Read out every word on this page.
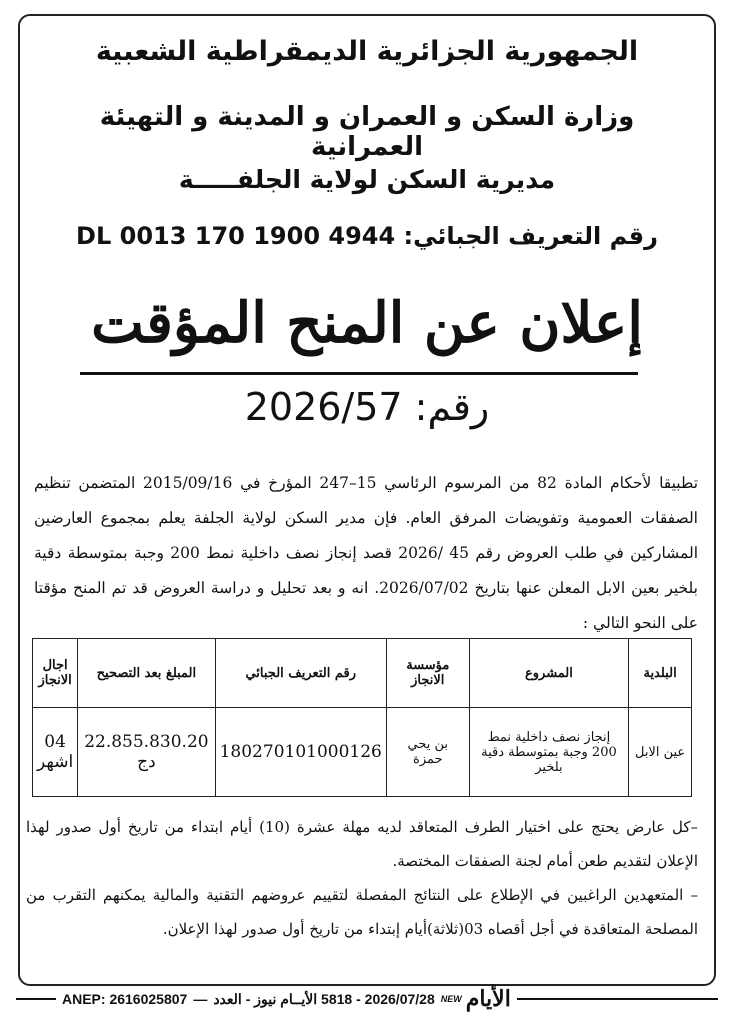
الجمهورية الجزائرية الديمقراطية الشعبية
وزارة السكن و العمران و المدينة و التهيئة العمرانية
مديرية السكن لولاية الجلفـــــة
رقم التعريف الجبائي: DL 0013 170 1900 4944
إعلان عن المنح المؤقت
رقم: 2026/57
تطبيقا لأحكام المادة 82 من المرسوم الرئاسي 15–247 المؤرخ في 2015/09/16 المتضمن تنظيم الصفقات العمومية وتفويضات المرفق العام. فإن مدير السكن لولاية الجلفة يعلم بمجموع العارضين المشاركين في طلب العروض رقم 45 /2026 قصد إنجاز نصف داخلية نمط 200 وجبة بمتوسطة دقية بلخير بعين الابل المعلن عنها بتاريخ 2026/07/02. انه و بعد تحليل و دراسة العروض قد تم المنح مؤقتا على النحو التالي :
البلدية	المشروع	مؤسسة الانجاز	رقم التعريف الجبائي	المبلغ بعد التصحيح	اجال الانجاز
عين الابل	إنجاز نصف داخلية نمط 200 وجبة بمتوسطة دقية بلخير	بن يحي حمزة	180270101000126	22.855.830.20 دج	04 اشهر
–كل عارض يحتج على اختيار الطرف المتعاقد لديه مهلة عشرة (10) أيام ابتداء من تاريخ أول صدور لهذا الإعلان لتقديم طعن أمام لجنة الصفقات المختصة.
– المتعهدين الراغبين في الإطلاع على النتائج المفصلة لتقييم عروضهم التقنية والمالية يمكنهم التقرب من المصلحة المتعاقدة في أجل أقصاه 03(ثلاثة)أيام إبتداء من تاريخ أول صدور لهذا الإعلان.
ANEP: 2616025807 — 2026/07/28 - 5818 الأيــام نيوز - العدد NEW الأيام
